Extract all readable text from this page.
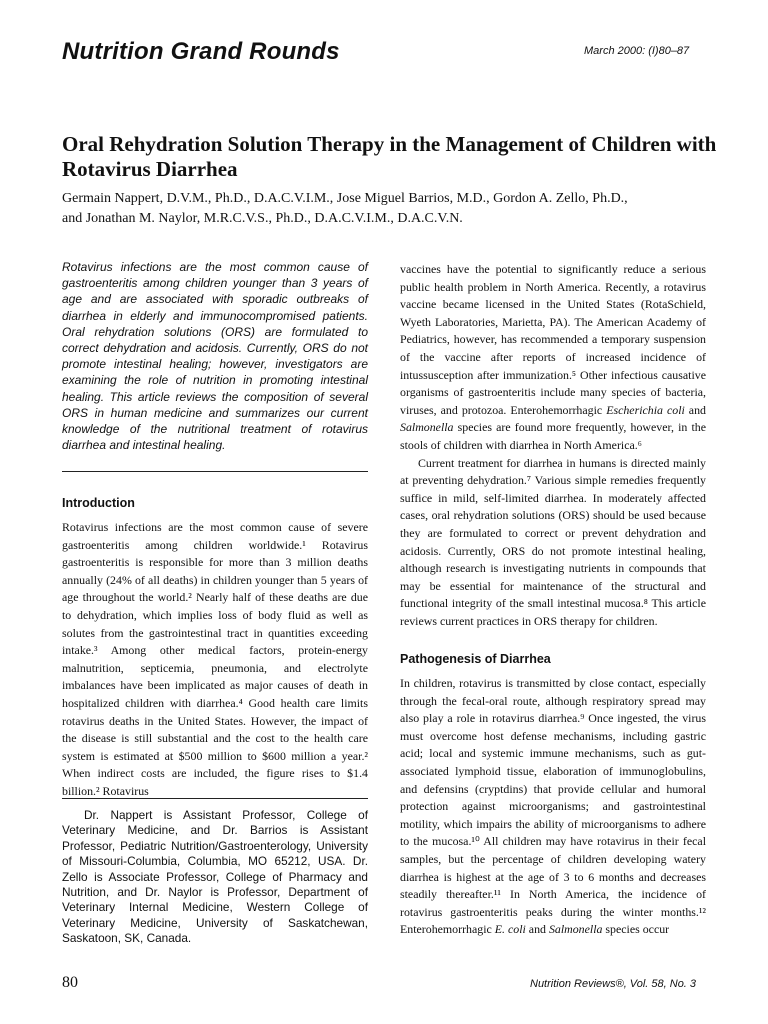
Nutrition Grand Rounds	March 2000: (I)80–87
Oral Rehydration Solution Therapy in the Management of Children with Rotavirus Diarrhea
Germain Nappert, D.V.M., Ph.D., D.A.C.V.I.M., Jose Miguel Barrios, M.D., Gordon A. Zello, Ph.D.,
and Jonathan M. Naylor, M.R.C.V.S., Ph.D., D.A.C.V.I.M., D.A.C.V.N.

Rotavirus infections are the most common cause of gastroenteritis among children younger than 3 years of age and are associated with sporadic outbreaks of diarrhea in elderly and immunocompromised patients. Oral rehydration solutions (ORS) are formulated to correct dehydration and acidosis. Currently, ORS do not promote intestinal healing; however, investigators are examining the role of nutrition in promoting intestinal healing. This article reviews the composition of several ORS in human medicine and summarizes our current knowledge of the nutritional treatment of rotavirus diarrhea and intestinal healing.

Introduction

Rotavirus infections are the most common cause of severe gastroenteritis among children worldwide.¹ Rotavirus gastroenteritis is responsible for more than 3 million deaths annually (24% of all deaths) in children younger than 5 years of age throughout the world.² Nearly half of these deaths are due to dehydration, which implies loss of body fluid as well as solutes from the gastrointestinal tract in quantities exceeding intake.³ Among other medical factors, protein-energy malnutrition, septicemia, pneumonia, and electrolyte imbalances have been implicated as major causes of death in hospitalized children with diarrhea.⁴ Good health care limits rotavirus deaths in the United States. However, the impact of the disease is still substantial and the cost to the health care system is estimated at $500 million to $600 million a year.² When indirect costs are included, the figure rises to $1.4 billion.² Rotavirus

Dr. Nappert is Assistant Professor, College of Veterinary Medicine, and Dr. Barrios is Assistant Professor, Pediatric Nutrition/Gastroenterology, University of Missouri-Columbia, Columbia, MO 65212, USA. Dr. Zello is Associate Professor, College of Pharmacy and Nutrition, and Dr. Naylor is Professor, Department of Veterinary Internal Medicine, Western College of Veterinary Medicine, University of Saskatchewan, Saskatoon, SK, Canada.

vaccines have the potential to significantly reduce a serious public health problem in North America. Recently, a rotavirus vaccine became licensed in the United States (RotaSchield, Wyeth Laboratories, Marietta, PA). The American Academy of Pediatrics, however, has recommended a temporary suspension of the vaccine after reports of increased incidence of intussusception after immunization.⁵ Other infectious causative organisms of gastroenteritis include many species of bacteria, viruses, and protozoa. Enterohemorrhagic Escherichia coli and Salmonella species are found more frequently, however, in the stools of children with diarrhea in North America.⁶

Current treatment for diarrhea in humans is directed mainly at preventing dehydration.⁷ Various simple remedies frequently suffice in mild, self-limited diarrhea. In moderately affected cases, oral rehydration solutions (ORS) should be used because they are formulated to correct or prevent dehydration and acidosis. Currently, ORS do not promote intestinal healing, although research is investigating nutrients in compounds that may be essential for maintenance of the structural and functional integrity of the small intestinal mucosa.⁸ This article reviews current practices in ORS therapy for children.

Pathogenesis of Diarrhea

In children, rotavirus is transmitted by close contact, especially through the fecal-oral route, although respiratory spread may also play a role in rotavirus diarrhea.⁹ Once ingested, the virus must overcome host defense mechanisms, including gastric acid; local and systemic immune mechanisms, such as gut-associated lymphoid tissue, elaboration of immunoglobulins, and defensins (cryptdins) that provide cellular and humoral protection against microorganisms; and gastrointestinal motility, which impairs the ability of microorganisms to adhere to the mucosa.¹⁰ All children may have rotavirus in their fecal samples, but the percentage of children developing watery diarrhea is highest at the age of 3 to 6 months and decreases steadily thereafter.¹¹ In North America, the incidence of rotavirus gastroenteritis peaks during the winter months.¹² Enterohemorrhagic E. coli and Salmonella species occur

80	Nutrition Reviews®, Vol. 58, No. 3
